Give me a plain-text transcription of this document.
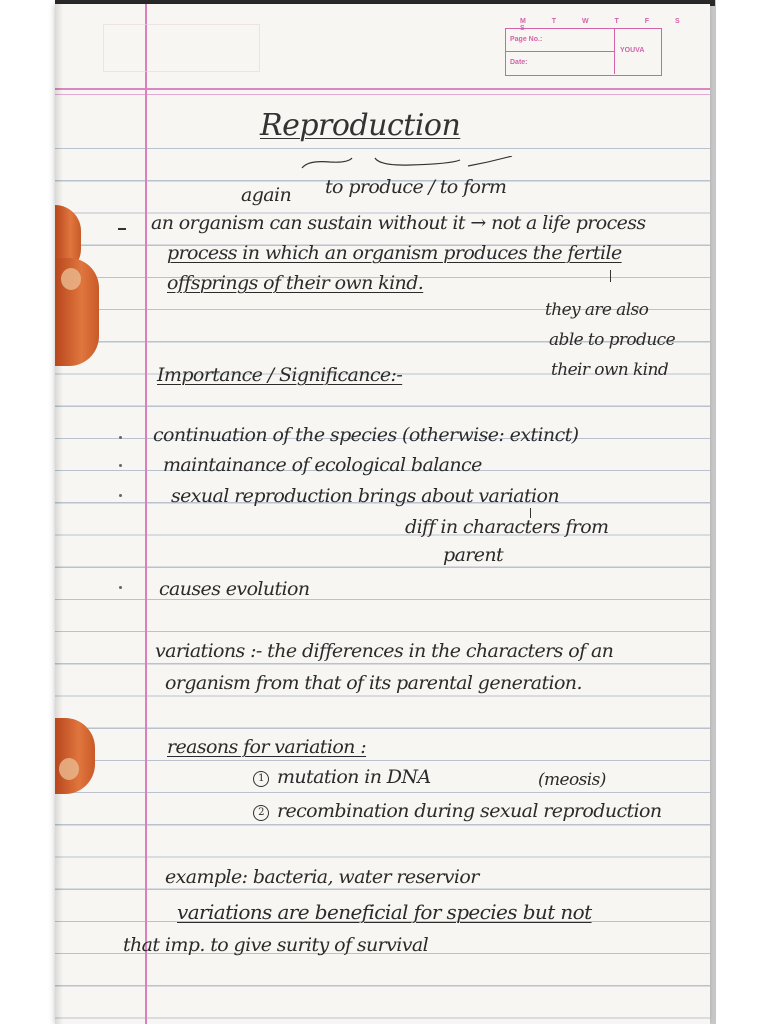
M T W T F S S
Page No.:
Date:
YOUVA
Reproduction
again to produce / to form
an organism can sustain without it → not a life process
process in which an organism produces the fertile
offsprings of their own kind.
they are also
able to produce
their own kind
Importance / Significance:-
continuation of the species (otherwise: extinct)
maintainance of ecological balance
sexual reproduction brings about variation
diff in characters from
parent
causes evolution
variations :- the differences in the characters of an
organism from that of its parental generation.
reasons for variation :
1 mutation in DNA	(meosis)
2 recombination during sexual reproduction
example: bacteria, water reservior
variations are beneficial for species but not
that imp. to give surity of survival
